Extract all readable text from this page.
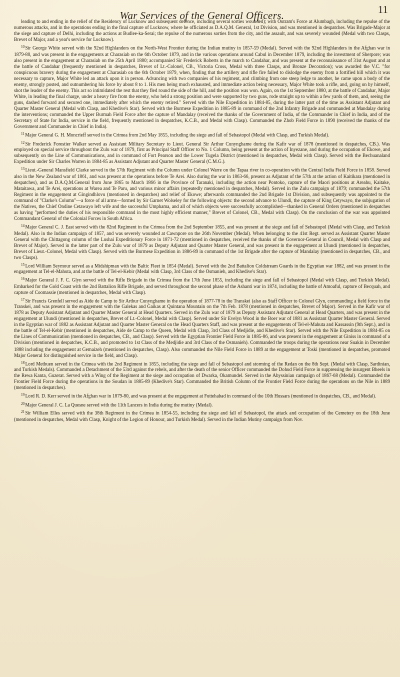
War Services of the General Officers.
11

leading to and ending in the relief of the Residency of Lucknow and subsequent defence, including several sorties wounded); with Outram's Force at Alumbagh, including the repulse of the numerous attacks, and in the operations ending in the final capture of Lucknow, where he officiated as D.A.Q.M. General, 1st Division, and was mentioned in despatches. Was Brigade-Major at the siege and capture of Delhi, including the actions at Budlee-ka-Serai; the repulse of the numerous sorties from the city, and the assault, and was severely wounded (Medal with two Clasps, Brevet of Major, and a year's service for Lucknow).

$^{10}$Sir George White served with the 92nd Highlanders on the North-West Frontier during the Indian mutiny in 1857-59 (Medal). Served with the 92nd Highlanders in the Afghan war in 1879-80, and was present in the engagements at Charasiab on the 6th October 1879, and in the various operations around Cabul in December 1879, including the investment of Sherpore; was also present in the engagement at Charasiab on the 25th April 1880; accompanied Sir Frederick Roberts in the march to Candahar, and was present at the reconnaissance of 31st August and at the battle of Candahar (frequently mentioned in despatches, Brevet of Lt.-Colonel, CB., Victoria Cross, Medal with three Clasps, and Bronze Decoration); was awarded the V.C. "for conspicuous bravery during the engagement at Charasiab on the 6th October 1879, when, finding that the artillery and rifle fire failed to dislodge the enemy from a fortified hill which it was necessary to capture, Major White led an attack upon it in person. Advancing with two companies of his regiment, and climbing from one steep ledge to another, he came upon a body of the enemy, strongly posted, and outnumbering his force by about 8 to 1. His men being much exhausted, and immediate action being necessary, Major White took a rifle, and, going on by himself, shot the leader of the enemy. This act so intimidated the rest that they fled round the side of the hill, and the position was won. Again, on the 1st September 1880, at the battle of Candahar, Major White, in leading the final charge, under a heavy fire from the enemy, who held a strong position and were supported by two guns, rode straight up to within a few yards of them, and, seeing the guns, dashed forward and secured one, immediately after which the enemy retired." Served with the Nile Expedition in 1884-85, during the latter part of the time as Assistant Adjutant and Quarter Master General (Medal with Clasp, and Khedive's Star). Served with the Burmese Expedition in 1885-89 in command of the 2nd Infantry Brigade and commanded at Mandalay during the interventions; commanded the Upper Burmah Field Force after the capture of Mandalay (received the thanks of the Government of India, of the Commander in Chief in India, and of the Secretary of State for India, service in the field, frequently mentioned in despatches, K.C.B., and Medal with Clasp). Commanded the Zhob Field Force in 1890 (received the thanks of the Government and Commander in Chief in India).

$^{11}$Major General G. H. Moncrieff served in the Crimea from 2nd May 1855, including the siege and fall of Sebastopol (Medal with Clasp, and Turkish Medal).

$^{12}$Sir Frederick Forestier Walker served as Assistant Military Secretary to Lieut. General Sir Arthur Cunynghame during the Kafir war of 1878 (mentioned in despatches, CB.). Was employed on special service throughout the Zulu war of 1879, first as Principal Staff Officer to No. 1 Column, being present at the action of Inyezane, and during the occupation of Ekowe, and subsequently on the Line of Communications, and in command of Fort Pearson and the Lower Tugela District (mentioned in despatches, Medal with Clasp). Served with the Bechuanaland Expedition under Sir Charles Warren in 1884-85 as Assistant Adjutant and Quarter Master General (C.M.G.).

$^{13}$Lieut.-General Mansfield Clarke served in the 57th Regiment with the Column under Colonel Warre on the Tapaa river in co-operation with the Central India Field Force in 1858. Served also in the New Zealand war of 1861, and was present at the operations before Te Arei. Also during the war in 1863-66, present as Adjutant of the 57th at the action of Kaitikara (mentioned in despatches), and as D.A.Q.M.General from June 1865 to March 1866 in the Province of Taranaki, including the action near Pontoko, capture of the Maori positions at Areahu, Kaitake, Mataitawa, and Te Arei, operations at Warea and Te Paru, and various minor affairs (repeatedly mentioned in despatches, Medal). Served in the Zulu campaign of 1879; commanded the 57th Regiment in the engagement at Gingindhlovu (mentioned in despatches) and relief of Ekowe; afterwards commanded the 2nd Brigade 1st Division, and subsequently was appointed to the command of "Clarke's Column"—a force of all arms—formed by Sir Garnet Wolseley for the following objects: the second advance to Ulundi, the capture of King Cetywayo, the subjugation of the Natives, the Chief Ondine Cetawayo left wife and the successful Umphama, and all of which objects were successfully accomplished—thanked in General Orders (mentioned in despatches as having "performed the duties of his responsible command in the most highly efficient manner," Brevet of Colonel, CB., Medal with Clasp). On the conclusion of the war was appointed Commandant General of the Colonial Forces in South Africa.

$^{14}$Major General C. J. East served with the 82nd Regiment in the Crimea from the 2nd September 1855, and was present at the siege and fall of Sebastopol (Medal with Clasp, and Turkish Medal). Also in the Indian campaign of 1857, and was severely wounded at Cawnpore on the 26th November (Medal). When belonging to the 41st Regt. served as Assistant Quarter Master General with the Chittagong column of the Lushai Expeditionary Force in 1871-72 (mentioned in despatches, received the thanks of the Governor-General in Council, Medal with Clasp and Brevet of Major). Served in the latter part of the Zulu war of 1879 as Deputy Adjutant and Quarter Master General, and was present in the engagement at Ulundi (mentioned in despatches, Brevet of Lieut.-Colonel, Medal with Clasp). Served with the Burmese Expedition in 1886-89 in command of the 1st Brigade after the capture of Mandalay (mentioned in despatches, CB., and two Clasps).

$^{15}$Lord William Seymour served as a Midshipman with the Baltic Fleet in 1854 (Medal). Served with the 2nd Battalion Coldstream Guards in the Egyptian war 1882, and was present in the engagement at Tel-el-Mahuta, and at the battle of Tel-el-Kebir (Medal with Clasp, 3rd Class of the Osmanieh, and Khedive's Star).

$^{16}$Major General J. F. C. Glyn served with the Rifle Brigade in the Crimea from the 17th June 1855, including the siege and fall of Sebastopol (Medal with Clasp, and Turkish Medal). Embarked for the Gold Coast with the 2nd Battalion Rifle Brigade, and served throughout the second phase of the Ashanti war in 1874, including the battle of Amoaful, capture of Becquah, and capture of Coomassie (mentioned in despatches, Medal with Clasp).

$^{17}$Sir Francis Grenfell served as Aide de Camp to Sir Arthur Cunynghame in the operation of 1877-78 in the Transkei (also as Staff Officer to Colonel Glyn, commanding a field force in the Transkei, and was present in the engagement with the Galekas and Gaikas at Quintana Mountain on the 7th Feb. 1878 (mentioned in despatches, Brevet of Major). Served in the Kafir war of 1878 as Deputy Assistant Adjutant and Quarter Master General at Head Quarters. Served in the Zulu war of 1879 as Deputy Assistant Adjutant General at Head Quarters, and was present in the engagement at Ulundi (mentioned in despatches, Brevet of Lt.-Colonel, Medal with Clasp). Served under Sir Evelyn Wood in the Boer war of 1881 as Assistant Quarter Master General. Served in the Egyptian war of 1882 as Assistant Adjutant and Quarter Master General on the Head Quarters Staff, and was present at the engagements of Tel-el-Mahuta and Kassassin (9th Sept.), and in the battle of Tel-el-Kebir (mentioned in despatches, Aide de Camp to the Queen, Medal with Clasp, 3rd Class of Medjidie, and Khedive's Star). Served with the Nile Expedition in 1884-85 on the Lines of Communication (mentioned in despatches, CB., and Clasp). Served with the Egyptian Frontier Field Force in 1885-86, and was present in the engagement at Giniss in command of a Division (mentioned in despatches, K.C.B., and promoted to 1st Class of the Medjidie and 3rd Class of the Osmanieh). Commanded the troops during the operations near Suakin in December 1888 including the engagement at Gemaizeh (mentioned in despatches, Clasp). Also commanded the Nile Field Force in 1889 at the engagement at Toski (mentioned in despatches, promoted Major General for distinguished service in the field, and Clasp).

$^{18}$Lord Methuen served in the Crimea with the 2nd Regiment in 1855, including the siege and fall of Sebastopol and storming of the Redan on the 8th Sept. (Medal with Clasp, Sardinian, and Turkish Medals). Commanded a Detachment of the 53rd against the rebels, and after the death of the senior Officer commanded the Dohud Field Force in suppressing the insurgent Bheels in the Rewa Kanta, Guzerat. Served with a Wing of the Regiment at the siege and occupation of Dwarka, Okamundel. Served in the Abyssinian campaign of 1867-68 (Medal). Commanded the Frontier Field Force during the operations in the Soudan in 1885-89 (Khedive's Star). Commanded the British Column of the Frontier Field Force during the operations on the Nile in 1889 (mentioned in despatches).

$^{19}$Lord R. D. Kerr served in the Afghan war in 1879-80, and was present at the engagement at Futtehabad in command of the 10th Hussars (mentioned in despatches, CB., and Medal).

$^{20}$Major General J. C. La Quesne served with the 11th Lancers in India during the mutiny (Medal).

$^{21}$Sir William Elles served with the 38th Regiment in the Crimea in 1854-55, including the siege and fall of Sebastopol, the attack and occupation of the Cemetery on the 18th June (mentioned in despatches, Medal with Clasp, Knight of the Legion of Honour, and Turkish Medal). Served in the Indian Mutiny campaign from Nov.
